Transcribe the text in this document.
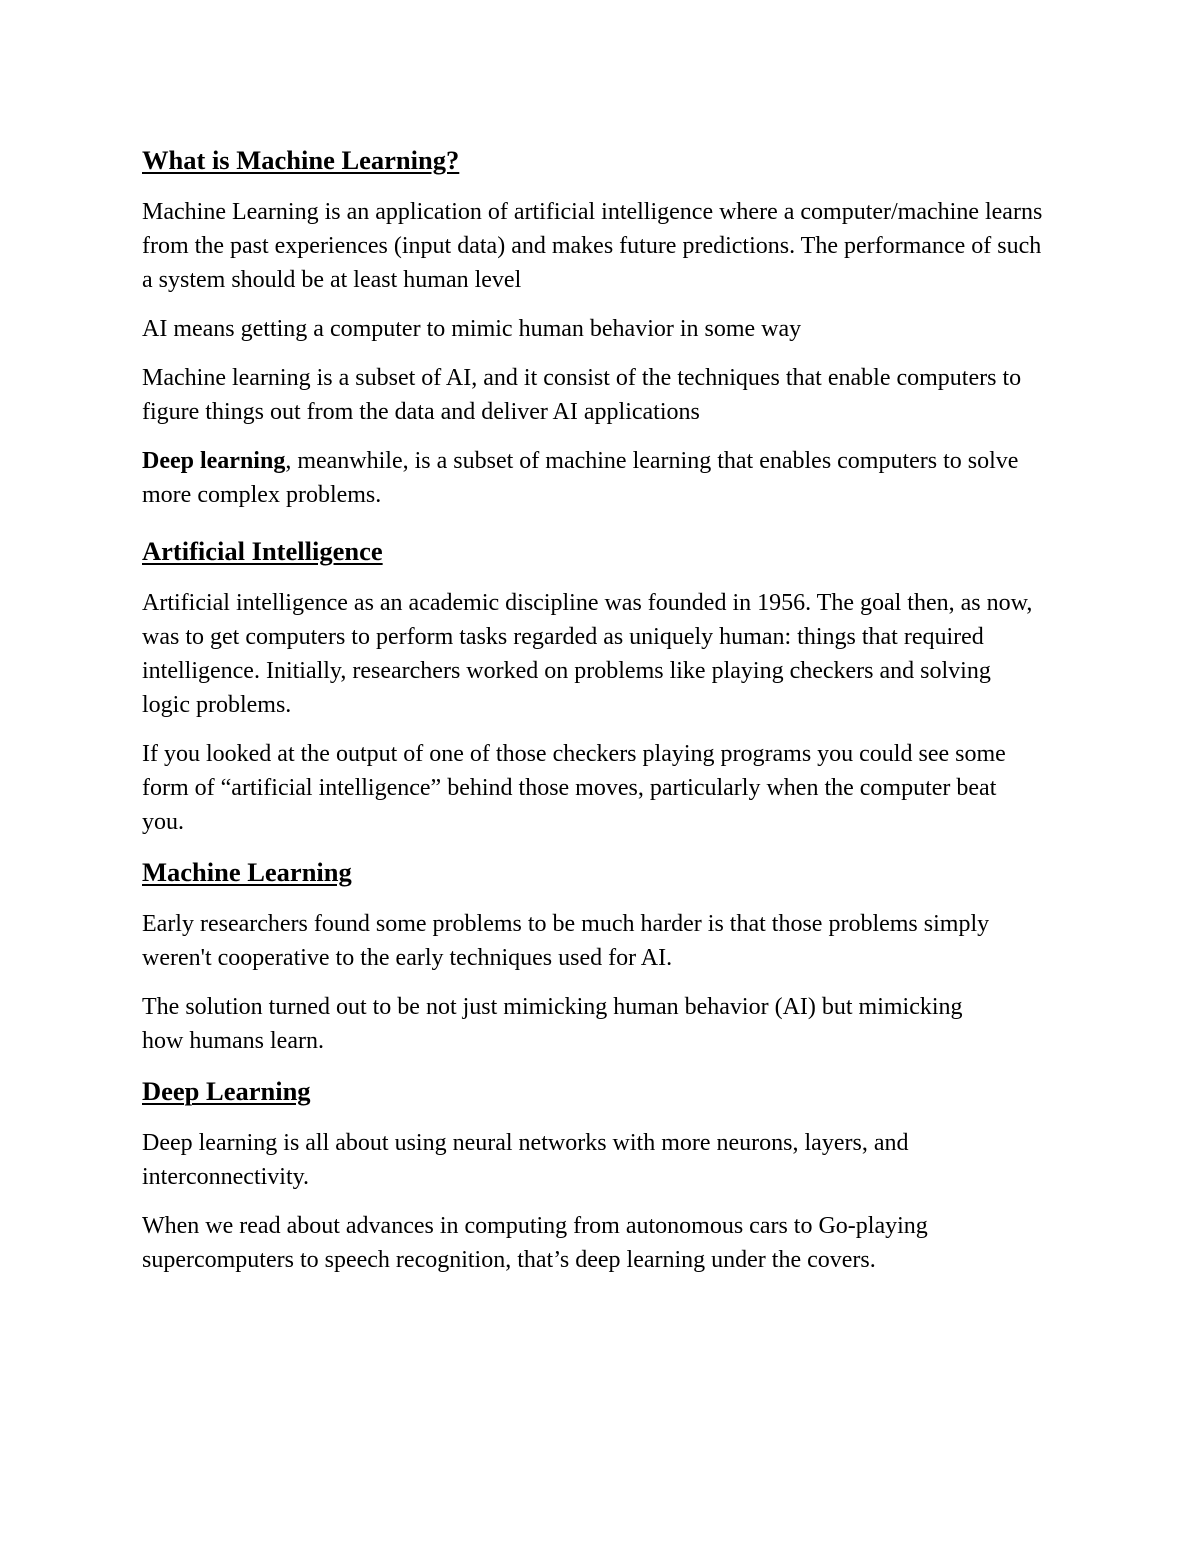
What is Machine Learning?

Machine Learning is an application of artificial intelligence where a computer/machine learns from the past experiences (input data) and makes future predictions. The performance of such a system should be at least human level

AI means getting a computer to mimic human behavior in some way

Machine learning is a subset of AI, and it consist of the techniques that enable computers to figure things out from the data and deliver AI applications

Deep learning, meanwhile, is a subset of machine learning that enables computers to solve more complex problems.

Artificial Intelligence

Artificial intelligence as an academic discipline was founded in 1956. The goal then, as now, was to get computers to perform tasks regarded as uniquely human: things that required intelligence. Initially, researchers worked on problems like playing checkers and solving logic problems.

If you looked at the output of one of those checkers playing programs you could see some form of “artificial intelligence” behind those moves, particularly when the computer beat you.

Machine Learning

Early researchers found some problems to be much harder is that those problems simply weren't cooperative to the early techniques used for AI.

The solution turned out to be not just mimicking human behavior (AI) but mimicking how humans learn.

Deep Learning

Deep learning is all about using neural networks with more neurons, layers, and interconnectivity.

When we read about advances in computing from autonomous cars to Go-playing supercomputers to speech recognition, that’s deep learning under the covers.
